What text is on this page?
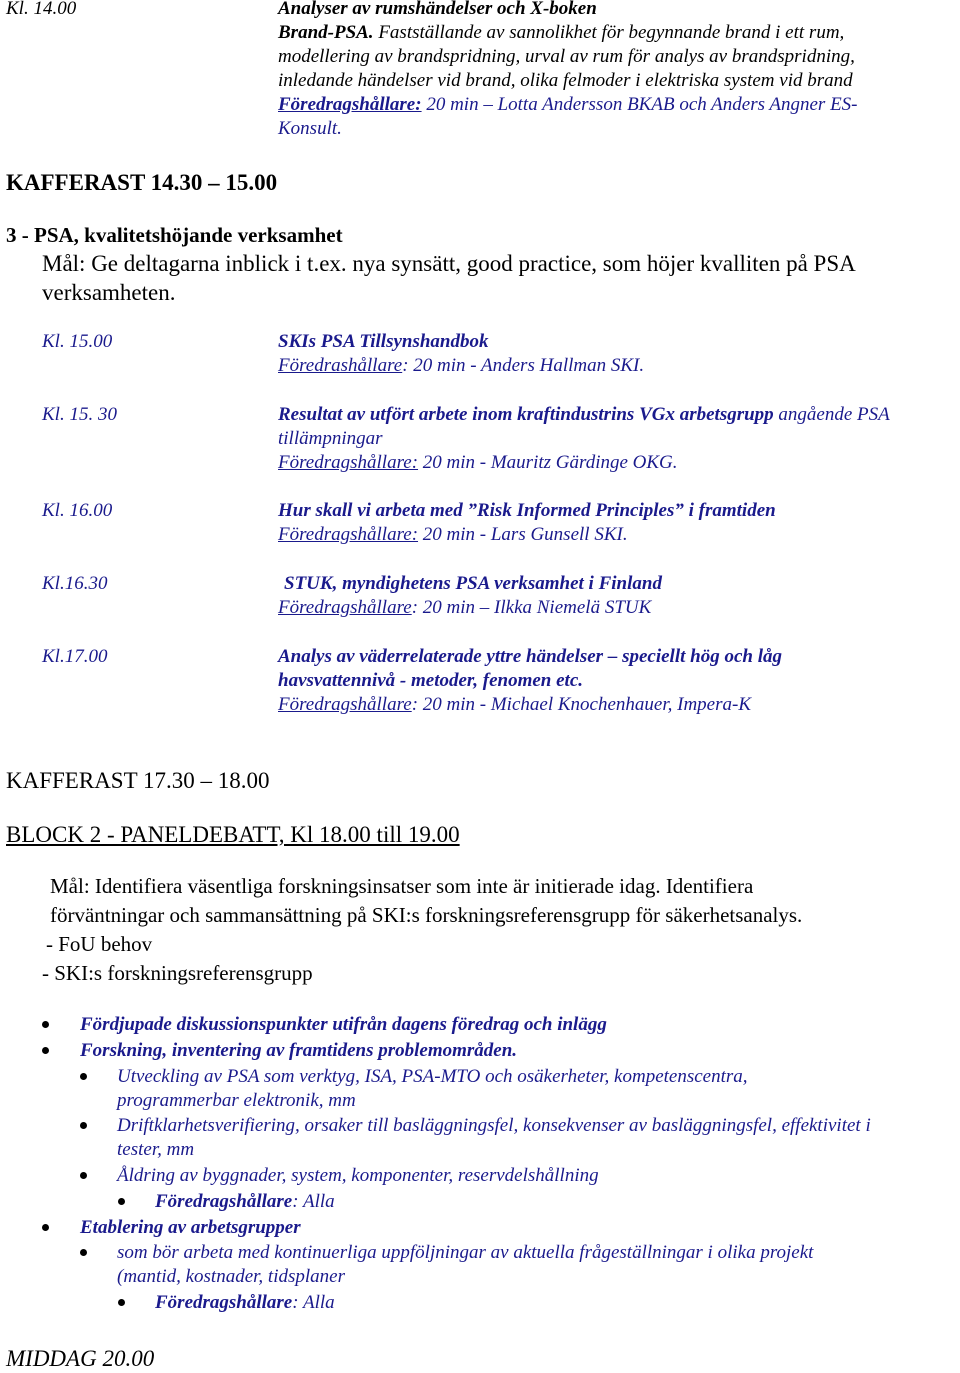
Kl. 14.00	Analyser av rumshändelser och X-boken
Brand-PSA. Fastställande av sannolikhet för begynnande brand i ett rum,
modellering av brandspridning, urval av rum för analys av brandspridning,
inledande händelser vid brand, olika felmoder i elektriska system vid brand
Föredragshållare: 20 min – Lotta Andersson BKAB och Anders Angner ES-
Konsult.
KAFFERAST 14.30 – 15.00
3 - PSA, kvalitetshöjande verksamhet
Mål: Ge deltagarna inblick i t.ex. nya synsätt, good practice, som höjer kvalliten på PSA
verksamheten.
Kl. 15.00	SKIs PSA Tillsynshandbok
Föredrashållare: 20 min - Anders Hallman SKI.
Kl. 15. 30	Resultat av utfört arbete inom kraftindustrins VGx arbetsgrupp angående PSA
tillämpningar
Föredragshållare: 20 min - Mauritz Gärdinge OKG.
Kl. 16.00	Hur skall vi arbeta med ”Risk Informed Principles” i framtiden
Föredragshållare: 20 min - Lars Gunsell SKI.
Kl.16.30	STUK, myndighetens PSA verksamhet i Finland
Föredragshållare: 20 min – Ilkka Niemelä STUK
Kl.17.00	Analys av väderrelaterade yttre händelser – speciellt hög och låg
havsvattennivå - metoder, fenomen etc.
Föredragshållare: 20 min - Michael Knochenhauer, Impera-K
KAFFERAST 17.30 – 18.00
BLOCK 2 - PANELDEBATT, Kl 18.00 till 19.00
Mål: Identifiera väsentliga forskningsinsatser som inte är initierade idag. Identifiera
förväntningar och sammansättning på SKI:s forskningsreferensgrupp för säkerhetsanalys.
- FoU behov
- SKI:s forskningsreferensgrupp
Fördjupade diskussionspunkter utifrån dagens föredrag och inlägg
Forskning, inventering av framtidens problemområden.
Utveckling av PSA som verktyg, ISA, PSA-MTO och osäkerheter, kompetenscentra,
programmerbar elektronik, mm
Driftklarhetsverifiering, orsaker till basläggningsfel, konsekvenser av basläggningsfel, effektivitet i
tester, mm
Åldring av byggnader, system, komponenter, reservdelshållning
Föredragshållare: Alla
Etablering av arbetsgrupper
som bör arbeta med kontinuerliga uppföljningar av aktuella frågeställningar i olika projekt
(mantid, kostnader, tidsplaner
Föredragshållare: Alla
MIDDAG 20.00
